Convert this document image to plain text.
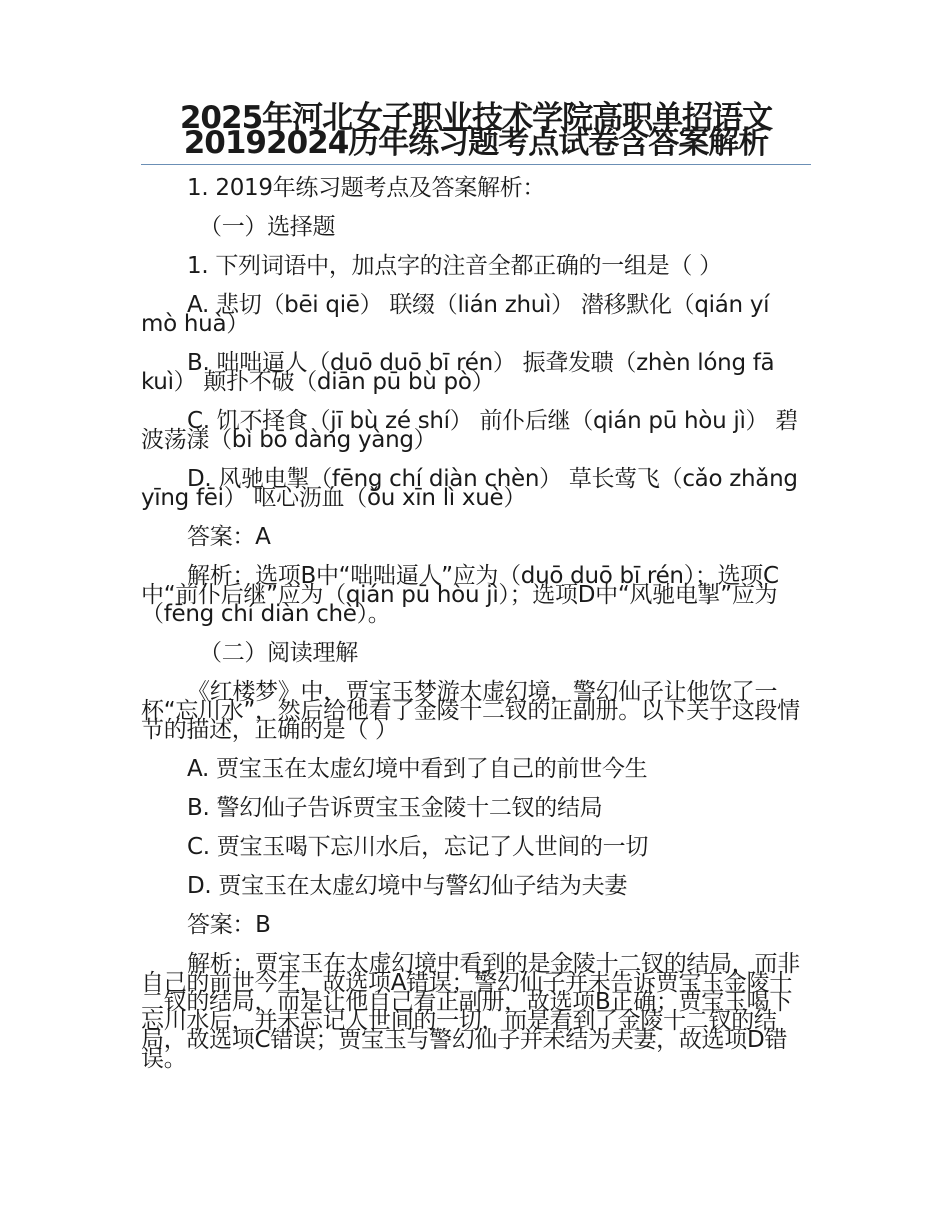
2025年河北女子职业技术学院高职单招语文20192024历年练习题考点试卷含答案解析

1. 2019年练习题考点及答案解析：

（一）选择题

1. 下列词语中，加点字的注音全都正确的一组是（ ）

A. 悲切（bēi qiē） 联缀（lián zhuì） 潜移默化（qián yí mò huà）

B. 咄咄逼人（duō duō bī rén） 振聋发聩（zhèn lóng fā kuì） 颠扑不破（diān pū bù pò）

C. 饥不择食（jī bù zé shí） 前仆后继（qián pū hòu jì） 碧波荡漾（bì bō dàng yàng）

D. 风驰电掣（fēng chí diàn chèn） 草长莺飞（cǎo zhǎng yīng fēi） 呕心沥血（ǒu xīn lì xuè）

答案：A

解析：选项B中“咄咄逼人”应为（duō duō bī rén）；选项C中“前仆后继”应为（qián pū hòu jì）；选项D中“风驰电掣”应为（fēng chí diàn chè）。

（二）阅读理解

《红楼梦》中，贾宝玉梦游太虚幻境，警幻仙子让他饮了一杯“忘川水”，然后给他看了金陵十二钗的正副册。以下关于这段情节的描述，正确的是（ ）

A. 贾宝玉在太虚幻境中看到了自己的前世今生

B. 警幻仙子告诉贾宝玉金陵十二钗的结局

C. 贾宝玉喝下忘川水后，忘记了人世间的一切

D. 贾宝玉在太虚幻境中与警幻仙子结为夫妻

答案：B

解析：贾宝玉在太虚幻境中看到的是金陵十二钗的结局，而非自己的前世今生，故选项A错误；警幻仙子并未告诉贾宝玉金陵十二钗的结局，而是让他自己看正副册，故选项B正确；贾宝玉喝下忘川水后，并未忘记人世间的一切，而是看到了金陵十二钗的结局，故选项C错误；贾宝玉与警幻仙子并未结为夫妻，故选项D错误。
